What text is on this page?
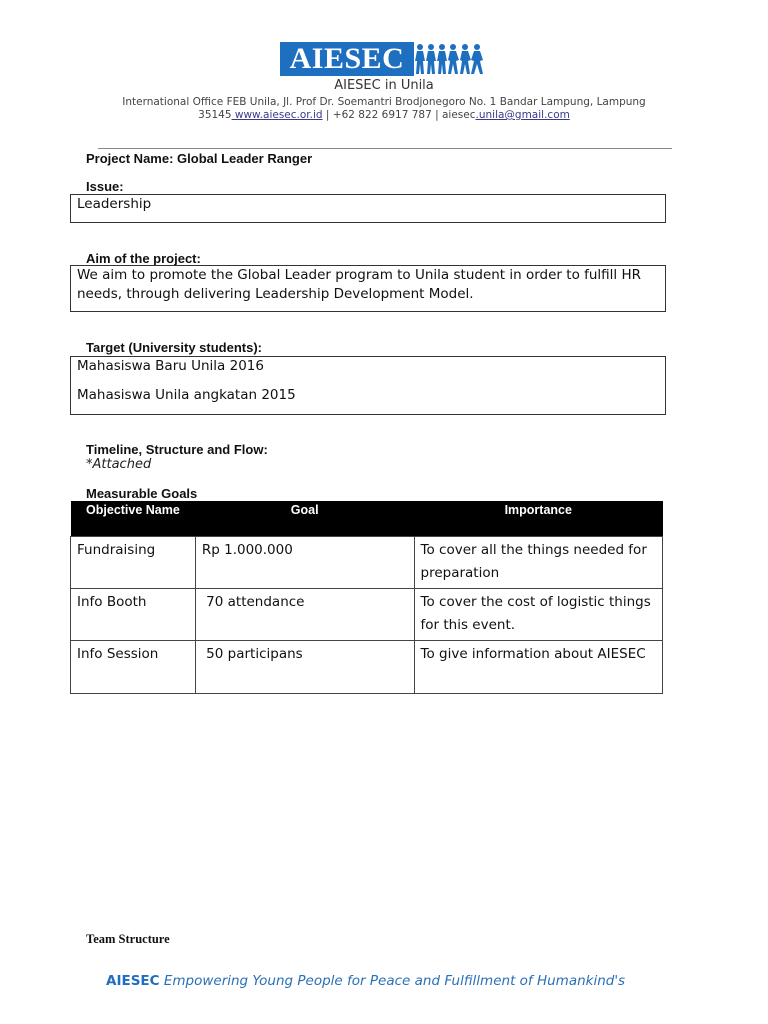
AIESEC
AIESEC in Unila
International Office FEB Unila, Jl. Prof Dr. Soemantri Brodjonegoro No. 1 Bandar Lampung, Lampung
35145 www.aiesec.or.id | +62 822 6917 787 | aiesec.unila@gmail.com
Project Name: Global Leader Ranger
Issue:

Leadership

Aim of the project:

We aim to promote the Global Leader program to Unila student in order to fulfill HR needs, through delivering Leadership Development Model.

Target (University students):

Mahasiswa Baru Unila 2016

Mahasiswa Unila angkatan 2015

Timeline, Structure and Flow:
*Attached
Measurable Goals
Objective Name	Goal	Importance
Fundraising	Rp 1.000.000	To cover all the things needed for preparation
Info Booth	70 attendance	To cover the cost of logistic things for this event.
Info Session	50 participans	To give information about AIESEC
Team Structure
AIESEC Empowering Young People for Peace and Fulfillment of Humankind's
